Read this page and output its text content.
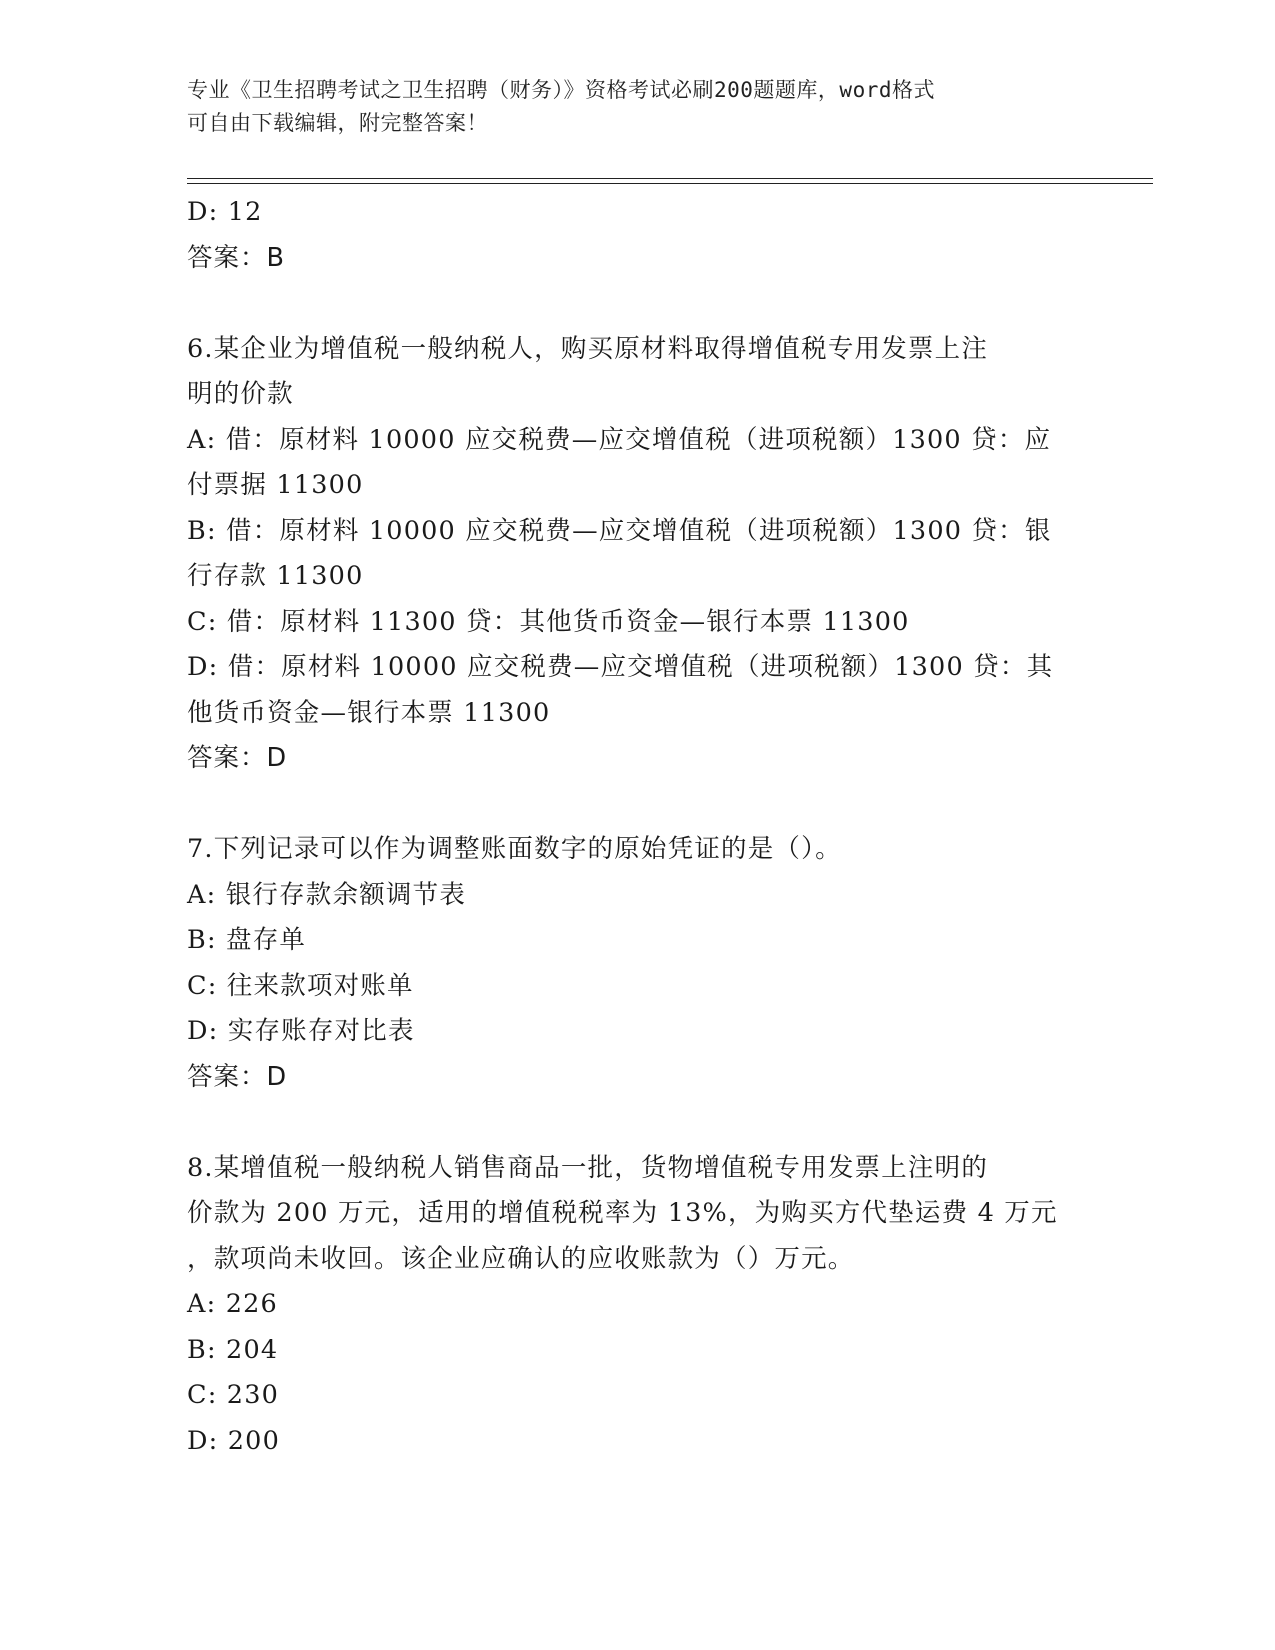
专业《卫生招聘考试之卫生招聘（财务）》资格考试必刷200题题库，word格式
可自由下载编辑，附完整答案！
D: 12
答案：B
6.某企业为增值税一般纳税人，购买原材料取得增值税专用发票上注
明的价款
A: 借：原材料 10000 应交税费—应交增值税（进项税额）1300 贷：应
付票据 11300
B: 借：原材料 10000 应交税费—应交增值税（进项税额）1300 贷：银
行存款 11300
C: 借：原材料 11300 贷：其他货币资金—银行本票 11300
D: 借：原材料 10000 应交税费—应交增值税（进项税额）1300 贷：其
他货币资金—银行本票 11300
答案：D
7.下列记录可以作为调整账面数字的原始凭证的是（）。
A: 银行存款余额调节表
B: 盘存单
C: 往来款项对账单
D: 实存账存对比表
答案：D
8.某增值税一般纳税人销售商品一批，货物增值税专用发票上注明的
价款为 200 万元，适用的增值税税率为 13%，为购买方代垫运费 4 万元
，款项尚未收回。该企业应确认的应收账款为（）万元。
A: 226
B: 204
C: 230
D: 200
